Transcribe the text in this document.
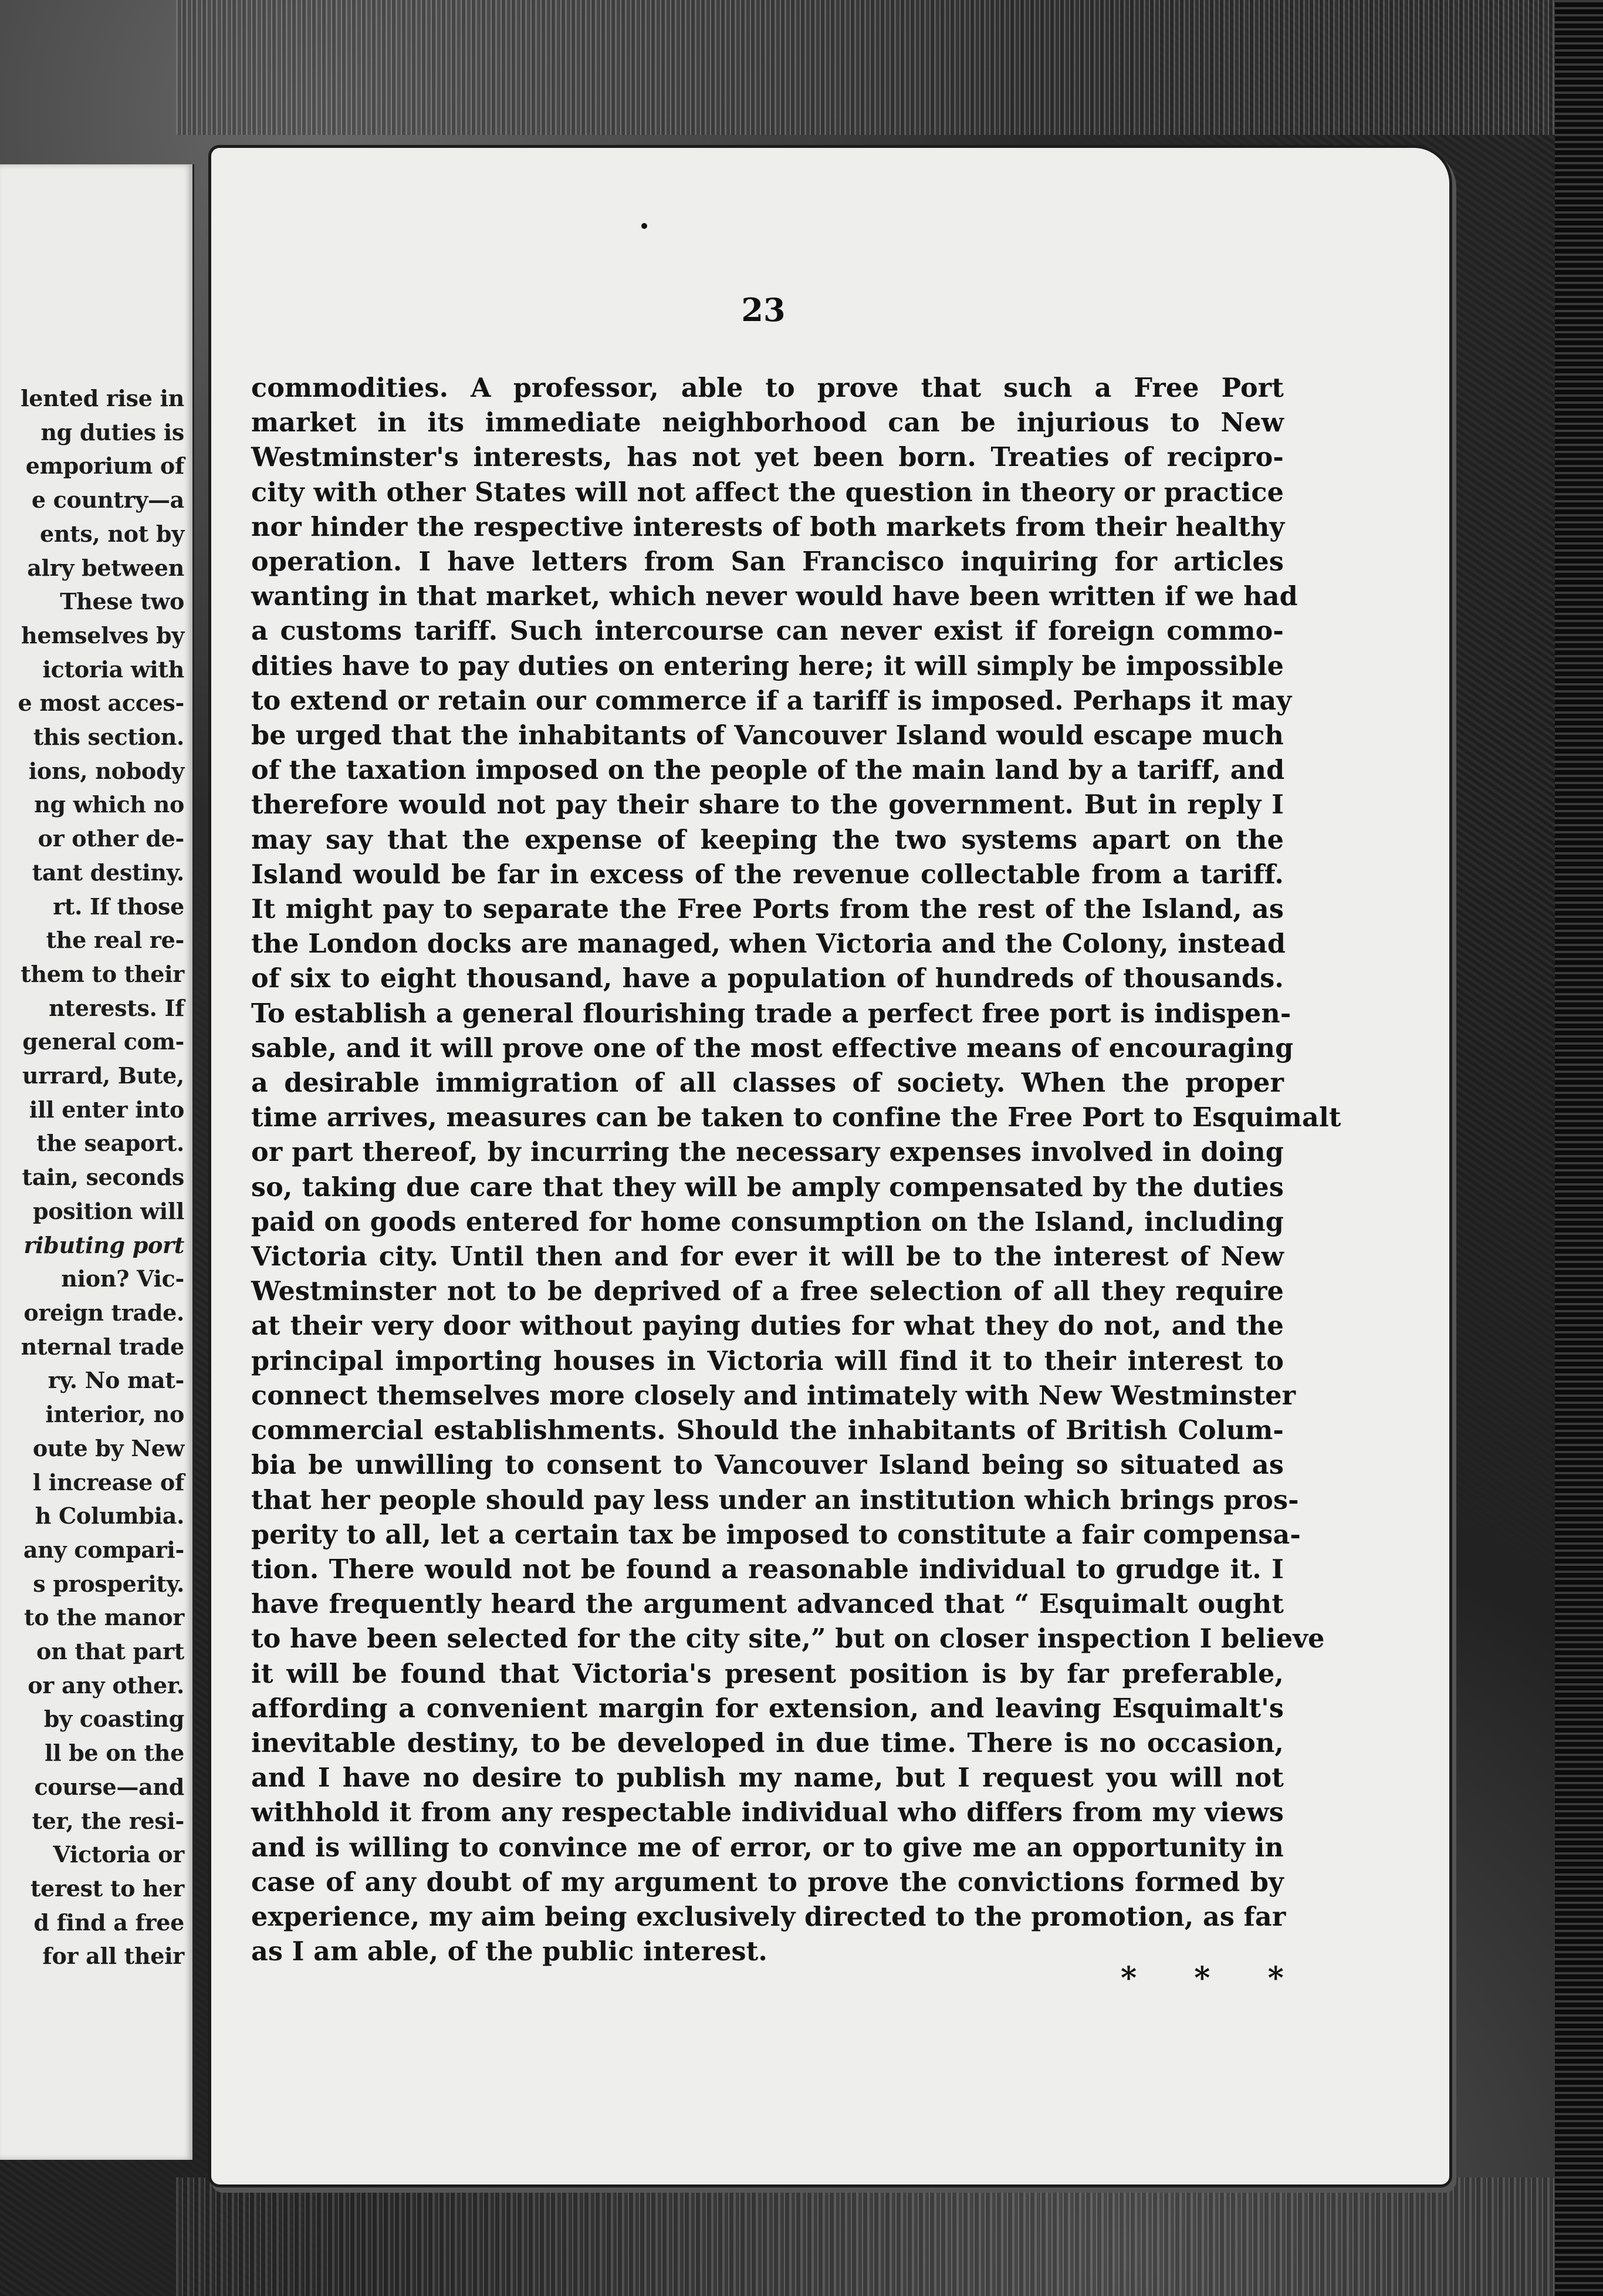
lented rise in
ng duties is
emporium of
e country—a
ents, not by
alry between
These two
hemselves by
ictoria with
e most acces-
this section.
ions, nobody
ng which no
or other de-
tant destiny.
rt. If those
the real re-
them to their
nterests. If
general com-
urrard, Bute,
ill enter into
the seaport.
tain, seconds
position will
ributing port
nion? Vic-
oreign trade.
nternal trade
ry. No mat-
interior, no
oute by New
l increase of
h Columbia.
any compari-
s prosperity.
to the manor
on that part
or any other.
by coasting
ll be on the
course—and
ter, the resi-
Victoria or
terest to her
d find a free
for all their
23
commodities. A professor, able to prove that such a Free Port
market in its immediate neighborhood can be injurious to New
Westminster's interests, has not yet been born. Treaties of recipro-
city with other States will not affect the question in theory or practice
nor hinder the respective interests of both markets from their healthy
operation. I have letters from San Francisco inquiring for articles
wanting in that market, which never would have been written if we had
a customs tariff. Such intercourse can never exist if foreign commo-
dities have to pay duties on entering here; it will simply be impossible
to extend or retain our commerce if a tariff is imposed. Perhaps it may
be urged that the inhabitants of Vancouver Island would escape much
of the taxation imposed on the people of the main land by a tariff, and
therefore would not pay their share to the government. But in reply I
may say that the expense of keeping the two systems apart on the
Island would be far in excess of the revenue collectable from a tariff.
It might pay to separate the Free Ports from the rest of the Island, as
the London docks are managed, when Victoria and the Colony, instead
of six to eight thousand, have a population of hundreds of thousands.
To establish a general flourishing trade a perfect free port is indispen-
sable, and it will prove one of the most effective means of encouraging
a desirable immigration of all classes of society. When the proper
time arrives, measures can be taken to confine the Free Port to Esquimalt
or part thereof, by incurring the necessary expenses involved in doing
so, taking due care that they will be amply compensated by the duties
paid on goods entered for home consumption on the Island, including
Victoria city. Until then and for ever it will be to the interest of New
Westminster not to be deprived of a free selection of all they require
at their very door without paying duties for what they do not, and the
principal importing houses in Victoria will find it to their interest to
connect themselves more closely and intimately with New Westminster
commercial establishments. Should the inhabitants of British Colum-
bia be unwilling to consent to Vancouver Island being so situated as
that her people should pay less under an institution which brings pros-
perity to all, let a certain tax be imposed to constitute a fair compensa-
tion. There would not be found a reasonable individual to grudge it. I
have frequently heard the argument advanced that “ Esquimalt ought
to have been selected for the city site,” but on closer inspection I believe
it will be found that Victoria's present position is by far preferable,
affording a convenient margin for extension, and leaving Esquimalt's
inevitable destiny, to be developed in due time. There is no occasion,
and I have no desire to publish my name, but I request you will not
withhold it from any respectable individual who differs from my views
and is willing to convince me of error, or to give me an opportunity in
case of any doubt of my argument to prove the convictions formed by
experience, my aim being exclusively directed to the promotion, as far
as I am able, of the public interest.
* * *
